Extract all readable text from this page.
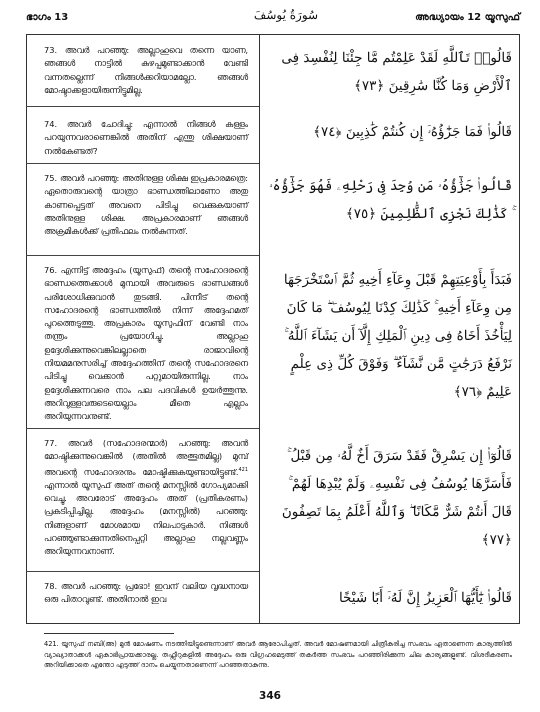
ഭാഗം 13	سُورَةُ يُوسُفَ	അദ്ധ്യായം 12 യൂസുഫ്
73. അവര്‍ പറഞ്ഞു: അല്ലാഹുവെ തന്നെ യാണ, ഞങ്ങള്‍ നാട്ടില്‍ കുഴപ്പമുണ്ടാക്കാന്‍ വേണ്ടി വന്നതല്ലെന്ന് നിങ്ങള്‍ക്കറിയാമല്ലോ. ഞങ്ങള്‍ മോഷ്ടാക്കളായിരുന്നിട്ടുമില്ല.
74. അവര്‍ ചോദിച്ചു: എന്നാല്‍ നിങ്ങള്‍ കള്ളം പറയുന്നവരാണെങ്കില്‍ അതിന് എന്തു ശിക്ഷയാണ് നല്‍കേണ്ടത്?
75. അവര്‍ പറഞ്ഞു: അതിനുള്ള ശിക്ഷ ഇപ്രകാരമത്രെ: ഏതൊരുവന്റെ യാത്രാ ഭാണ്ഡത്തിലാണോ അതു കാണപ്പെട്ടത് അവനെ പിടിച്ചു വെക്കുകയാണ് അതിനുള്ള ശിക്ഷ. അപ്രകാരമാണ് ഞങ്ങള്‍ അക്രമികള്‍ക്ക് പ്രതിഫലം നല്‍കുന്നത്.
76. എന്നിട്ട് അദ്ദേഹം (യൂസുഫ്) തന്റെ സഹോദരന്റെ ഭാണ്ഡത്തെക്കാള്‍ മുമ്പായി അവരുടെ ഭാണ്ഡങ്ങള്‍ പരിശോധിക്കുവാന്‍ തുടങ്ങി. പിന്നീട് തന്റെ സഹോദരന്റെ ഭാണ്ഡത്തില്‍ നിന്ന് അദ്ദേഹമത് പുറത്തെടുത്തു. അപ്രകാരം യൂസുഫിന് വേണ്ടി നാം തന്ത്രം പ്രയോഗിച്ചു. അല്ലാഹു ഉദ്ദേശിക്കുന്നുവെങ്കിലല്ലാതെ രാജാവിന്റെ നിയമമനുസരിച്ച് അദ്ദേഹത്തിന് തന്റെ സഹോദരനെ പിടിച്ചു വെക്കാന്‍ പറ്റുമായിരുന്നില്ല. നാം ഉദ്ദേശിക്കുന്നവരെ നാം പല പദവികള്‍ ഉയര്‍ത്തുന്നു. അറിവുള്ളവരുടെയെല്ലാം മീതെ എല്ലാം അറിയുന്നവനുണ്ട്.
77. അവര്‍ (സഹോദരന്മാര്‍) പറഞ്ഞു: അവന്‍ മോഷ്ടിക്കുന്നുവെങ്കില്‍ (അതില്‍ അത്ഭുതമില്ല) മുമ്പ് അവന്റെ സഹോദരനും മോഷ്ടിക്കുകയുണ്ടായിട്ടുണ്ട്.$^{421}$ എന്നാല്‍ യൂസുഫ് അത് തന്റെ മനസ്സില്‍ ഗോപ്യമാക്കി വെച്ചു. അവരോട് അദ്ദേഹം അത് (പ്രതികരണം) പ്രകടിപ്പിച്ചില്ല. അദ്ദേഹം (മനസ്സില്‍) പറഞ്ഞു: നിങ്ങളാണ് മോശമായ നിലപാടുകാര്‍. നിങ്ങള്‍ പറഞ്ഞുണ്ടാക്കുന്നതിനെപ്പറ്റി അല്ലാഹു നല്ലവണ്ണം അറിയുന്നവനാണ്.
78. അവര്‍ പറഞ്ഞു: പ്രഭോ! ഇവന് വലിയ വൃദ്ധനായ ഒരു പിതാവുണ്ട്. അതിനാല്‍ ഇവ
قَالُوا۟ تَٱللَّهِ لَقَدْ عَلِمْتُم مَّا جِئْنَا لِنُفْسِدَ فِى ٱلْأَرْضِ وَمَا كُنَّا سَٰرِقِينَ ﴿٧٣﴾
قَالُوا۟ فَمَا جَزَٰٓؤُهُۥٓ إِن كُنتُمْ كَٰذِبِينَ ﴿٧٤﴾
قَالُوا۟ جَزَٰٓؤُهُۥ مَن وُجِدَ فِى رَحْلِهِۦ فَهُوَ جَزَٰٓؤُهُۥ ۚ كَذَٰلِكَ نَجْزِى ٱلظَّٰلِمِينَ ﴿٧٥﴾
فَبَدَأَ بِأَوْعِيَتِهِمْ قَبْلَ وِعَآءِ أَخِيهِ ثُمَّ ٱسْتَخْرَجَهَا مِن وِعَآءِ أَخِيهِ ۚ كَذَٰلِكَ كِدْنَا لِيُوسُفَ ۖ مَا كَانَ لِيَأْخُذَ أَخَاهُ فِى دِينِ ٱلْمَلِكِ إِلَّآ أَن يَشَآءَ ٱللَّهُ ۚ نَرْفَعُ دَرَجَٰتٍ مَّن نَّشَآءُ ۗ وَفَوْقَ كُلِّ ذِى عِلْمٍ عَلِيمٌ ﴿٧٦﴾
قَالُوٓا۟ إِن يَسْرِقْ فَقَدْ سَرَقَ أَخٌ لَّهُۥ مِن قَبْلُ ۚ فَأَسَرَّهَا يُوسُفُ فِى نَفْسِهِۦ وَلَمْ يُبْدِهَا لَهُمْ ۚ قَالَ أَنتُمْ شَرٌّ مَّكَانًا ۖ وَٱللَّهُ أَعْلَمُ بِمَا تَصِفُونَ ﴿٧٧﴾
قَالُوا۟ يَٰٓأَيُّهَا ٱلْعَزِيزُ إِنَّ لَهُۥٓ أَبًا شَيْخًا
421. യൂസുഫ് നബി(അ) മുന്‍ മോഷണം നടത്തിയിട്ടുണ്ടെന്നാണ് അവര്‍ ആരോപിച്ചത്. അവര്‍ മോഷണമായി ചിത്രീകരിച്ച സംഭവം ഏതാണെന്ന കാര്യത്തില്‍ വ്യാഖ്യാതാക്കള്‍ ഏകാഭിപ്രായക്കാരല്ല. തഫ്സീറുകളില്‍ അദ്ദേഹം ഒരു വിഗ്രഹമെടുത്ത് തകര്‍ത്ത സംഭവം പറഞ്ഞിരിക്കുന്ന ചില കാര്യങ്ങളുണ്ട്. വിശദീകരണം അറിയിക്കാതെ എന്തോ എടുത്ത് ദാനം ചെയ്യുന്നതാണെന്ന് പറഞ്ഞതാകുന്നു.
346
